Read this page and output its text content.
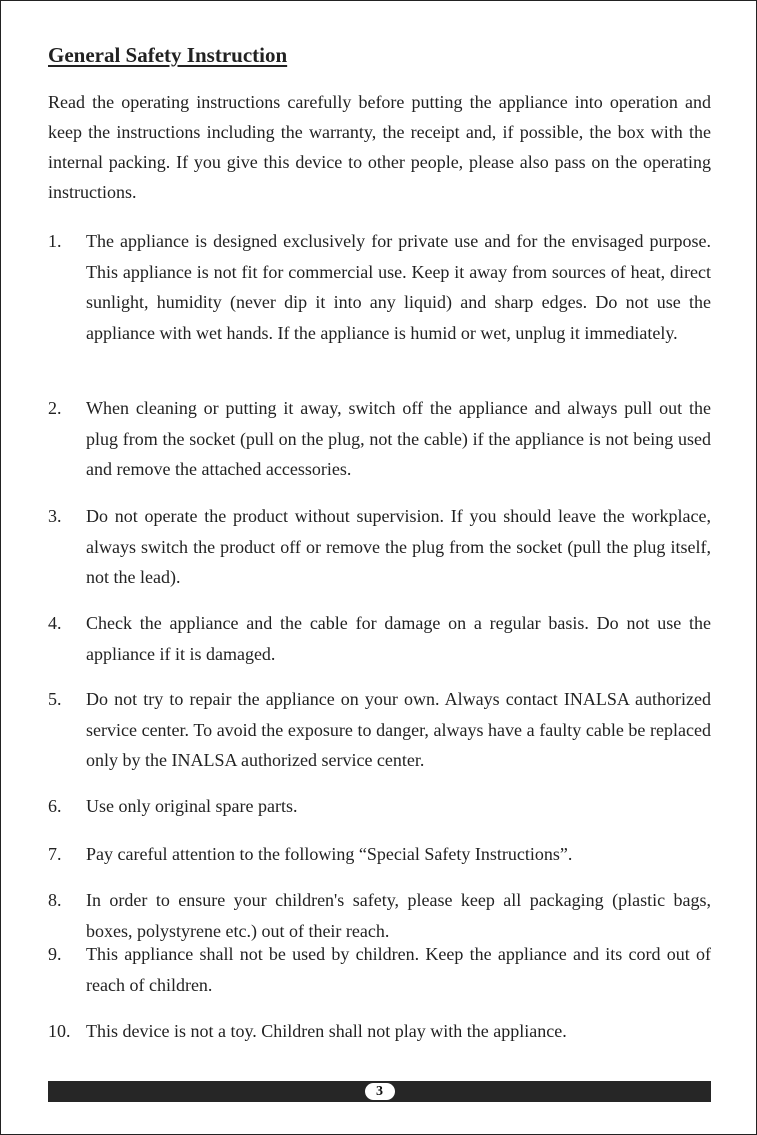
General Safety Instruction

Read the operating instructions carefully before putting the appliance into operation and keep the instructions including the warranty, the receipt and, if possible, the box with the internal packing. If you give this device to other people, please also pass on the operating instructions.

1. The appliance is designed exclusively for private use and for the envisaged purpose. This appliance is not fit for commercial use. Keep it away from sources of heat, direct sunlight, humidity (never dip it into any liquid) and sharp edges. Do not use the appliance with wet hands. If the appliance is humid or wet, unplug it immediately.
2. When cleaning or putting it away, switch off the appliance and always pull out the plug from the socket (pull on the plug, not the cable) if the appliance is not being used and remove the attached accessories.
3. Do not operate the product without supervision. If you should leave the workplace, always switch the product off or remove the plug from the socket (pull the plug itself, not the lead).
4. Check the appliance and the cable for damage on a regular basis. Do not use the appliance if it is damaged.
5. Do not try to repair the appliance on your own. Always contact INALSA authorized service center. To avoid the exposure to danger, always have a faulty cable be replaced only by the INALSA authorized service center.
6. Use only original spare parts.
7. Pay careful attention to the following “Special Safety Instructions”.
8. In order to ensure your children's safety, please keep all packaging (plastic bags, boxes, polystyrene etc.) out of their reach.
9. This appliance shall not be used by children. Keep the appliance and its cord out of reach of children.
10. This device is not a toy. Children shall not play with the appliance.
3
